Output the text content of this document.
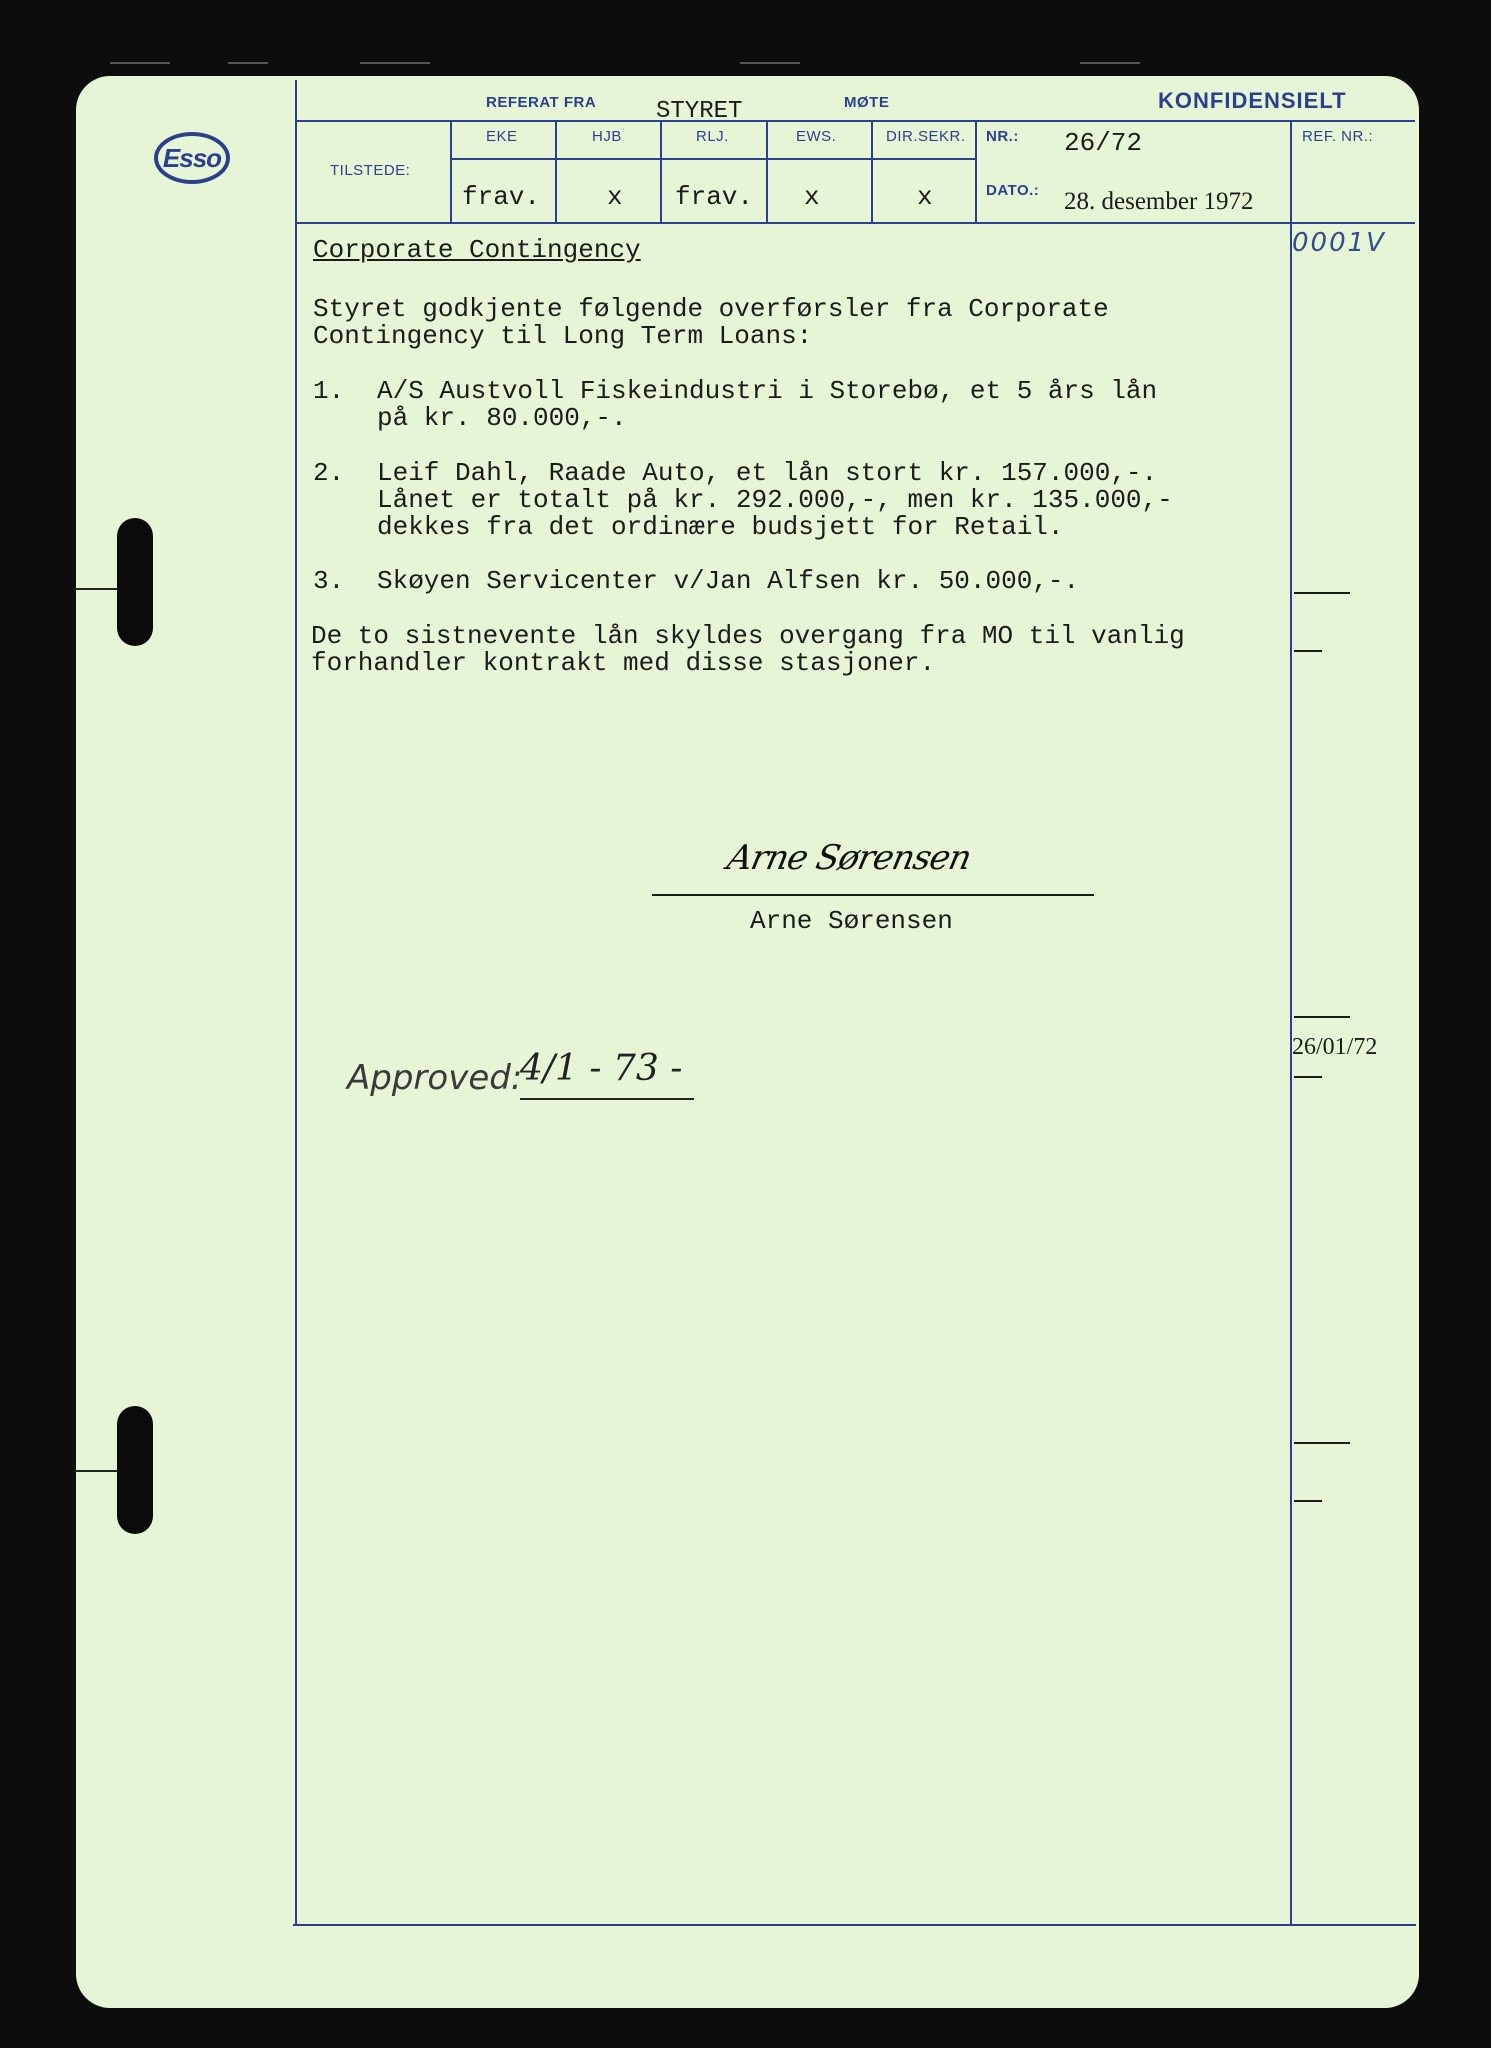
Esso
REFERAT FRA STYRET	MØTE	KONFIDENSIELT
TILSTEDE:
EKE	HJB	RLJ.	EWS.	DIR.SEKR.
frav.	x frav. x	x
NR.: 26/72
DATO.: 28. desember 1972
REF. NR.:
0001V
Corporate Contingency
Styret godkjente følgende overførsler fra Corporate
Contingency til Long Term Loans:
1. A/S Austvoll Fiskeindustri i Storebø, et 5 års lån
på kr. 80.000,-.
2. Leif Dahl, Raade Auto, et lån stort kr. 157.000,-.
Lånet er totalt på kr. 292.000,-, men kr. 135.000,-
dekkes fra det ordinære budsjett for Retail.
3. Skøyen Servicenter v/Jan Alfsen kr. 50.000,-.
De to sistnevente lån skyldes overgang fra MO til vanlig
forhandler kontrakt med disse stasjoner.
Arne Sørensen
Arne Sørensen
Approved:
4/1 - 73 -
26/01/72
